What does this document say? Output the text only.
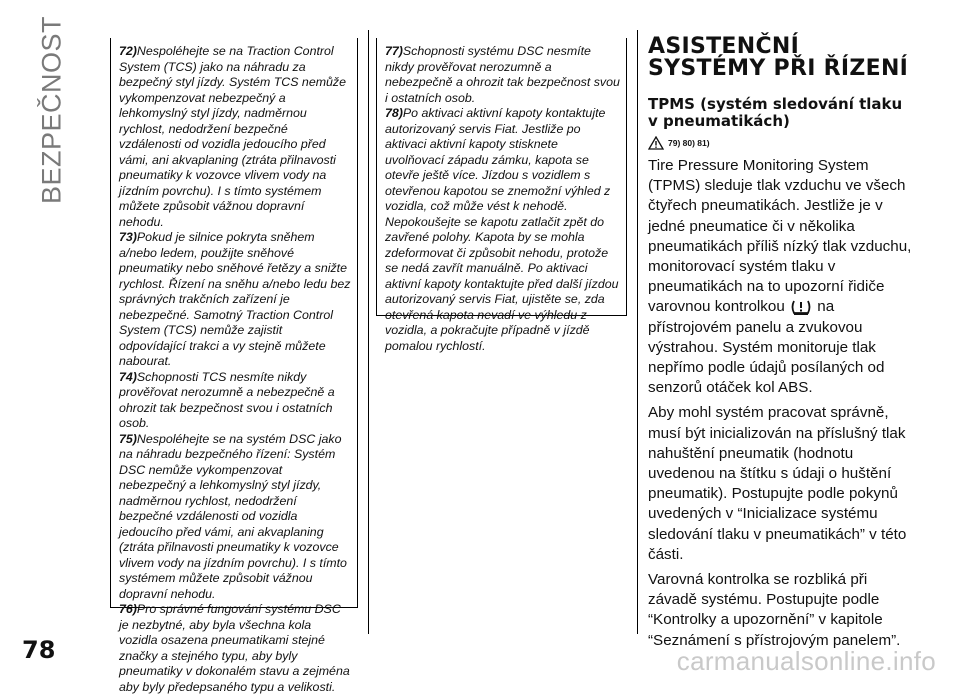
BEZPEČNOST	72)Nespoléhejte se na Traction Control System (TCS) jako na náhradu za bezpečný styl jízdy. Systém TCS nemůže vykompenzovat nebezpečný a lehkomyslný styl jízdy, nadměrnou rychlost, nedodržení bezpečné vzdálenosti od vozidla jedoucího před vámi, ani akvaplaning (ztráta přilnavosti pneumatiky k vozovce vlivem vody na jízdním povrchu). I s tímto systémem můžete způsobit vážnou dopravní nehodu.

73)Pokud je silnice pokryta sněhem a/nebo ledem, použijte sněhové pneumatiky nebo sněhové řetězy a snižte rychlost. Řízení na sněhu a/nebo ledu bez správných trakčních zařízení je nebezpečné. Samotný Traction Control System (TCS) nemůže zajistit odpovídající trakci a vy stejně můžete nabourat.

74)Schopnosti TCS nesmíte nikdy prověřovat nerozumně a nebezpečně a ohrozit tak bezpečnost svou i ostatních osob.

75)Nespoléhejte se na systém DSC jako na náhradu bezpečného řízení: Systém DSC nemůže vykompenzovat nebezpečný a lehkomyslný styl jízdy, nadměrnou rychlost, nedodržení bezpečné vzdálenosti od vozidla jedoucího před vámi, ani akvaplaning (ztráta přilnavosti pneumatiky k vozovce vlivem vody na jízdním povrchu). I s tímto systémem můžete způsobit vážnou dopravní nehodu.

76)Pro správné fungování systému DSC je nezbytné, aby byla všechna kola vozidla osazena pneumatikami stejné značky a stejného typu, aby byly pneumatiky v dokonalém stavu a zejména aby byly předepsaného typu a velikosti.

77)Schopnosti systému DSC nesmíte nikdy prověřovat nerozumně a nebezpečně a ohrozit tak bezpečnost svou i ostatních osob.

78)Po aktivaci aktivní kapoty kontaktujte autorizovaný servis Fiat. Jestliže po aktivaci aktivní kapoty stisknete uvolňovací západu zámku, kapota se otevře ještě více. Jízdou s vozidlem s otevřenou kapotou se znemožní výhled z vozidla, což může vést k nehodě. Nepokoušejte se kapotu zatlačit zpět do zavřené polohy. Kapota by se mohla zdeformovat či způsobit nehodu, protože se nedá zavřít manuálně. Po aktivaci aktivní kapoty kontaktujte před další jízdou autorizovaný servis Fiat, ujistěte se, zda otevřená kapota nevadí ve výhledu z vozidla, a pokračujte případně v jízdě pomalou rychlostí.

ASISTENČNÍ SYSTÉMY PŘI ŘÍZENÍ
TPMS (systém sledování tlaku v pneumatikách)
79) 80) 81)

Tire Pressure Monitoring System (TPMS) sleduje tlak vzduchu ve všech čtyřech pneumatikách. Jestliže je v jedné pneumatice či v několika pneumatikách příliš nízký tlak vzduchu, monitorovací systém tlaku v pneumatikách na to upozorní řidiče varovnou kontrolkou na přístrojovém panelu a zvukovou výstrahou. Systém monitoruje tlak nepřímo podle údajů posílaných od senzorů otáček kol ABS.

Aby mohl systém pracovat správně, musí být inicializován na příslušný tlak nahuštění pneumatik (hodnotu uvedenou na štítku s údaji o huštění pneumatik). Postupujte podle pokynů uvedených v “Inicializace systému sledování tlaku v pneumatikách” v této části.

Varovná kontrolka se rozbliká při závadě systému. Postupujte podle “Kontrolky a upozornění” v kapitole “Seznámení s přístrojovým panelem”.

78	carmanualsonline.info
